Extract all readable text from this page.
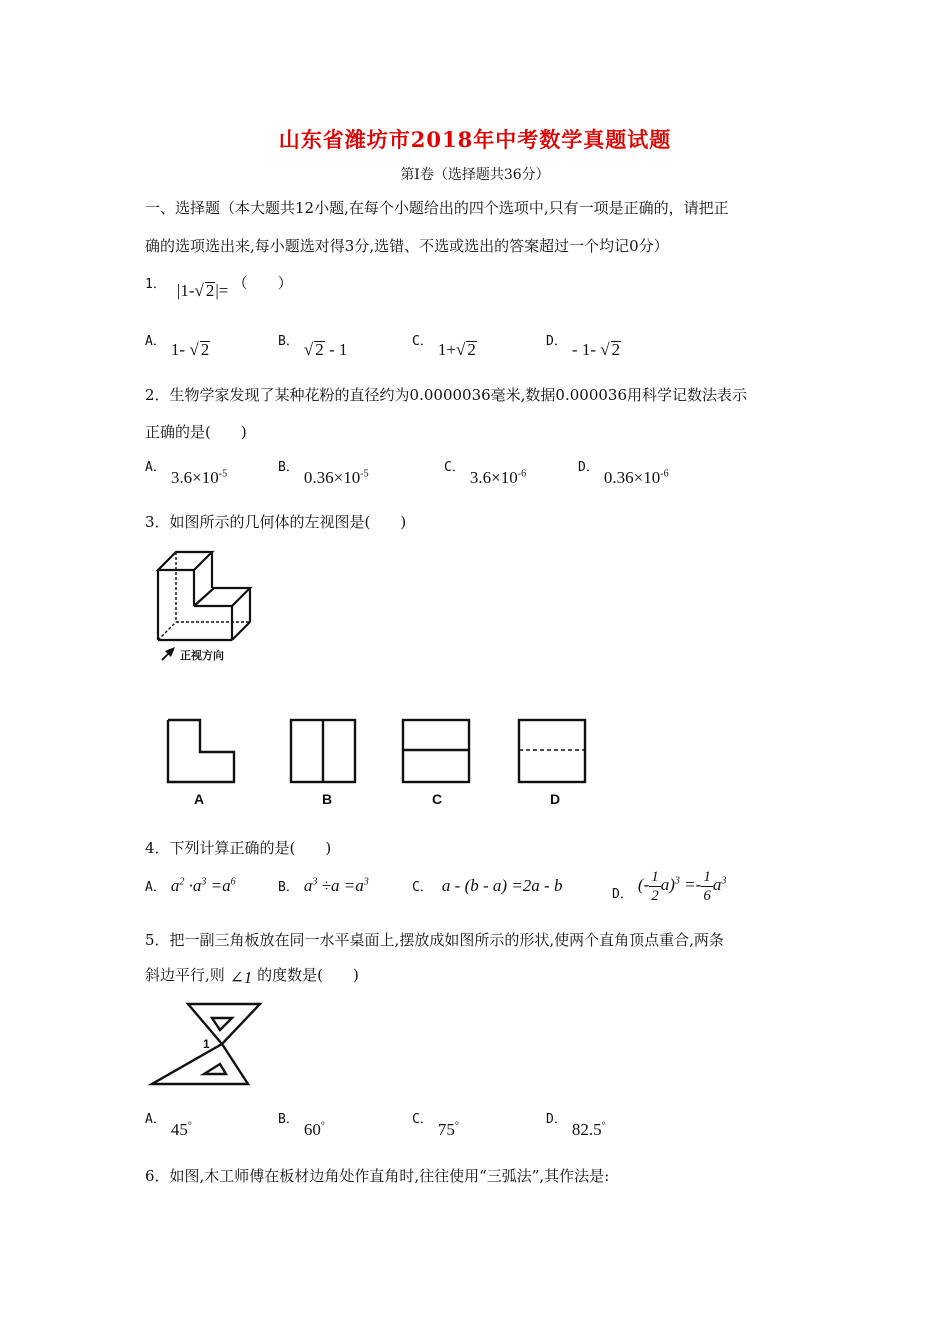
山东省潍坊市2018年中考数学真题试题
第Ⅰ卷（选择题共36分）
一、选择题（本大题共12小题,在每个小题给出的四个选项中,只有一项是正确的，请把正
确的选项选出来,每小题选对得3分,选错、不选或选出的答案超过一个均记0分）
1． |1-√ 2|= （　　）
A． 1- √ 2	B． √ 2 - 1	C． 1+√ 2	D． - 1- √ 2
2．生物学家发现了某种花粉的直径约为0.0000036毫米,数据0.000036用科学记数法表示
正确的是(　　)
A． $3.6\times 10^{-5}$	B． $0.36\times 10^{-5}$	C． $3.6\times 10^{-6}$	D． $0.36\times 10^{-6}$
3．如图所示的几何体的左视图是(　　)
正视方向
A	B	C	D
4．下列计算正确的是(　　)
A． $a^2 \cdot a^3 =a^6$	B． $a^3 \div a =a^3$	C． a - (b - a) =2a - b	$_{D.}$ (- $\frac{1}{2} a)^3 =- \frac{1}{6} a^3$
5．把一副三角板放在同一水平桌面上,摆放成如图所示的形状,使两个直角顶点重合,两条
斜边平行,则 ∠1 的度数是(　　)
1
A． 45°	B． 60°	C． 75°	D． 82.5°
6．如图,木工师傅在板材边角处作直角时,往往使用“三弧法”,其作法是:
